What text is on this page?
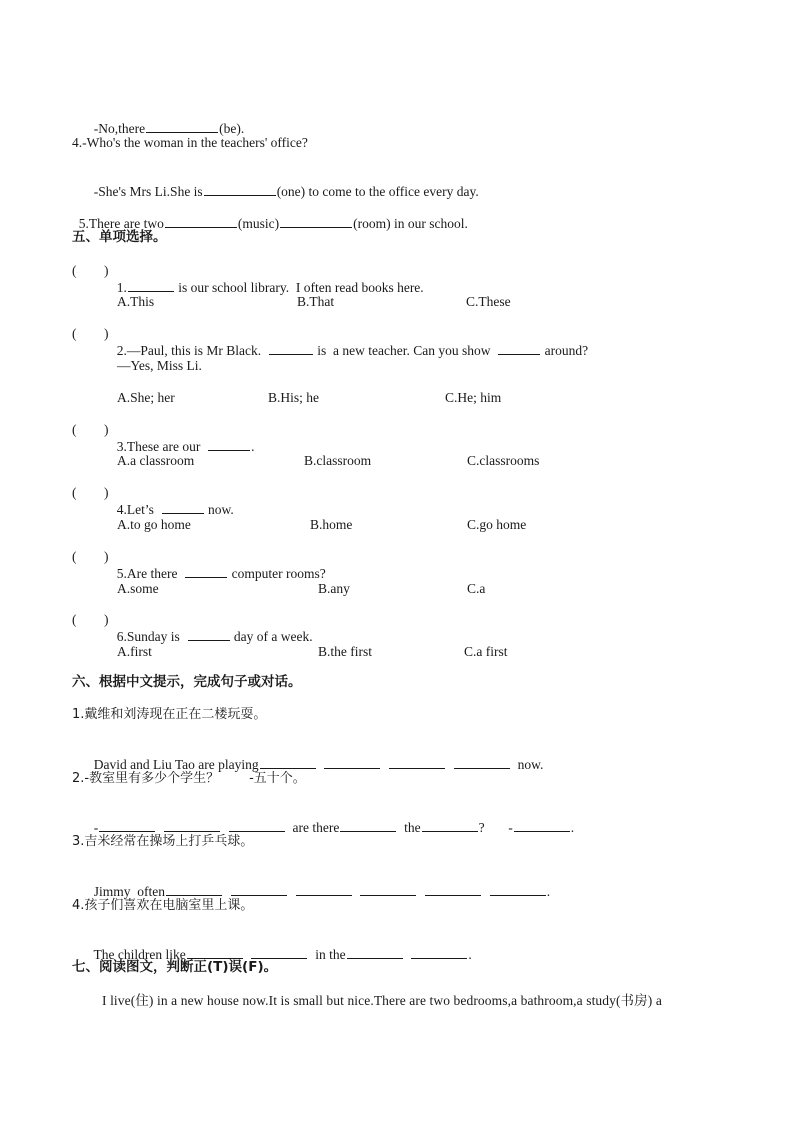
-No,there	(be).

4.-Who's the woman in the teachers' office?

-She's Mrs Li.She is	(one) to come to the office every day.

5.There are two	(music)	(room) in our school.

五、单项选择。
( )

1.	is our school library.  I often read books here.

A.This	B.That	C.These
( )

2.—Paul, this is Mr Black.	is  a new teacher. Can you show	around?

—Yes, Miss Li.
A.She; her	B.His; he	C.He; him
( )

3.These are our	.

A.a classroom	B.classroom	C.classrooms
( )

4.Let’s	now.

A.to go home	B.home	C.go home
( )

5.Are there	computer rooms?

A.some	B.any	C.a
( )

6.Sunday is	day of a week.

A.first	B.the first	C.a first
六、根据中文提示，完成句子或对话。
1.戴维和刘涛现在正在二楼玩耍。

David and Liu Tao are playing	now.

2.-教室里有多少个学生？ -五十个。

-	are there	the	? -	.

3.吉米经常在操场上打乒乓球。

Jimmy  often	.

4.孩子们喜欢在电脑室里上课。

The children like	in the	.

七、阅读图文，判断正(T)误(F)。
I live(住) in a new house now.It is small but nice.There are two bedrooms,a bathroom,a study(书房) a
